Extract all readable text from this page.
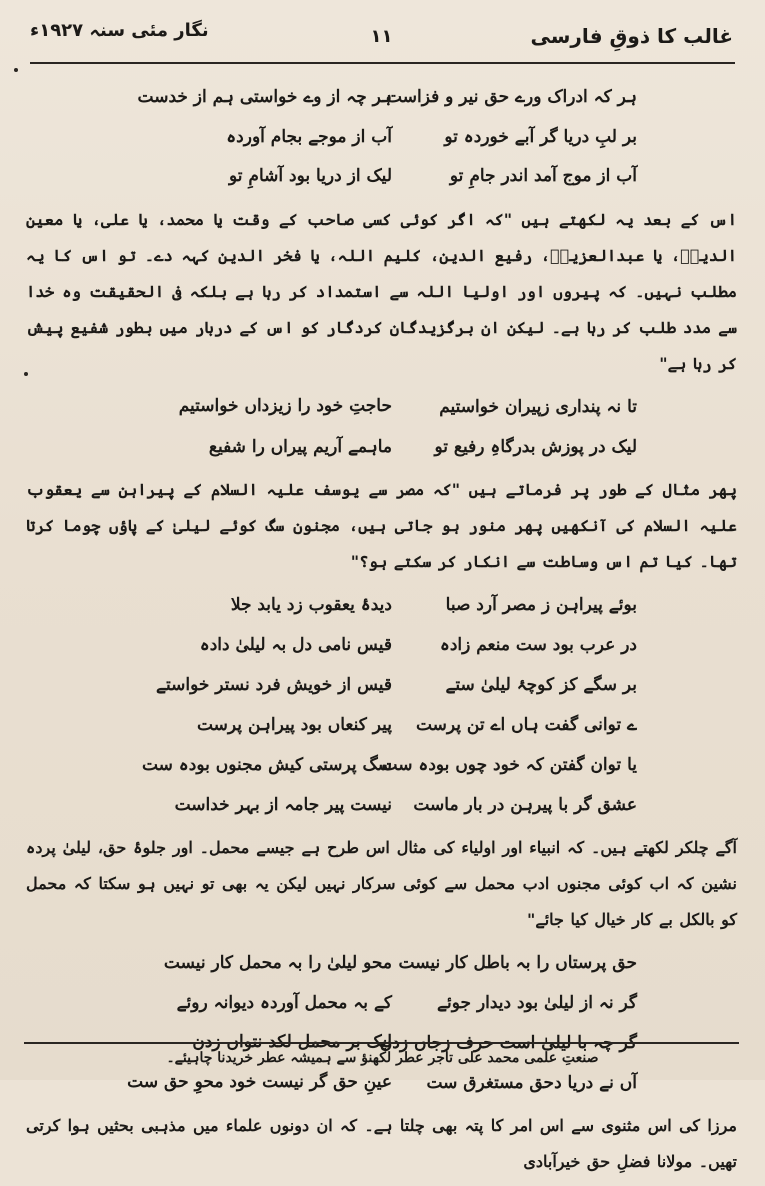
غالب کا ذوقِ فارسی
۱۱
نگار مئی سنہ ۱۹۲۷ء
ہر کہ ادراک ورے حق نیر و فزاست
ہر چہ از وے خواستی ہم از خدست
بر لبِ دریا گر آبے خوردہ تو
آب از موجے بجام آوردہ
آب از موج آمد اندر جامِ تو
لیک از دریا بود آشامِ تو
اس کے بعد یہ لکھتے ہیں "کہ اگر کوئی کسی صاحب کے وقت یا محمد، یا علی، یا معین الدینؒ، یا عبدالعزیزؒ، رفیع الدین، کلیم اللہ، یا فخر الدین کہہ دے۔ تو اس کا یہ مطلب نہیں۔ کہ پیروں اور اولیا اللہ سے استمداد کر رہا ہے بلکہ فی الحقیقت وہ خدا سے مدد طلب کر رہا ہے۔ لیکن ان برگزیدگان کردگار کو اس کے دربار میں بطور شفیع پیش کر رہا ہے"
تا نہ پنداری زپیران خواستیم
حاجتِ خود را زیزداں خواستیم
لیک در پوزش بدرگاہِ رفیع تو
ماہمے آریم پیراں را شفیع
پھر مثال کے طور پر فرماتے ہیں "کہ مصر سے یوسف علیہ السلام کے پیراہن سے یعقوب علیہ السلام کی آنکھیں پھر منور ہو جاتی ہیں، مجنون سگ کوئے لیلیٰ کے پاؤں چوما کرتا تھا۔ کیا تم اس وساطت سے انکار کر سکتے ہو؟"
بوئے پیراہن ز مصر آرد صبا
دیدۂ یعقوب زد یابد جلا
در عرب بود ست منعم زادہ
قیس نامی دل بہ لیلیٰ دادہ
بر سگے کز کوچۂ لیلیٰ ستے
قیس از خویش فرد نستر خواستے
ے توانی گفت ہاں اے تن پرست
پیر کنعاں بود پیراہن پرست
یا توان گفتن کہ خود چوں بودہ ست
سگ پرستی کیش مجنوں بودہ ست
عشق گر با پیرہن در بار ماست
نیست پیر جامہ از بہر خداست
آگے چلکر لکھتے ہیں۔ کہ انبیاء اور اولیاء کی مثال اس طرح ہے جیسے محمل۔ اور جلوۂ حق، لیلیٰ پردہ نشین کہ اب کوئی مجنوں ادب محمل سے کوئی سرکار نہیں لیکن یہ بھی تو نہیں ہو سکتا کہ محمل کو بالکل بے کار خیال کیا جائے"
حق پرستاں را بہ باطل کار نیست
محو لیلیٰ را بہ محمل کار نیست
گر نہ از لیلیٰ بود دیدار جوئے
کے بہ محمل آوردہ دیوانہ روئے
گر چہ با لیلیٰ است حرف زجاں زدن
لیک بر محمل لکد نتواں زدن
آں نے دریا دحق مستغرق ست
عینِ حق گر نیست خود محوِ حق ست
مرزا کی اس مثنوی سے اس امر کا پتہ بھی چلتا ہے۔ کہ ان دونوں علماء میں مذہبی بحثیں ہوا کرتی تھیں۔ مولانا فضلِ حق خیرآبادی
صنعتِ علمی محمد علی تاجر عطر لکھنؤ سے ہمیشہ عطر خریدنا چاہیئے۔
